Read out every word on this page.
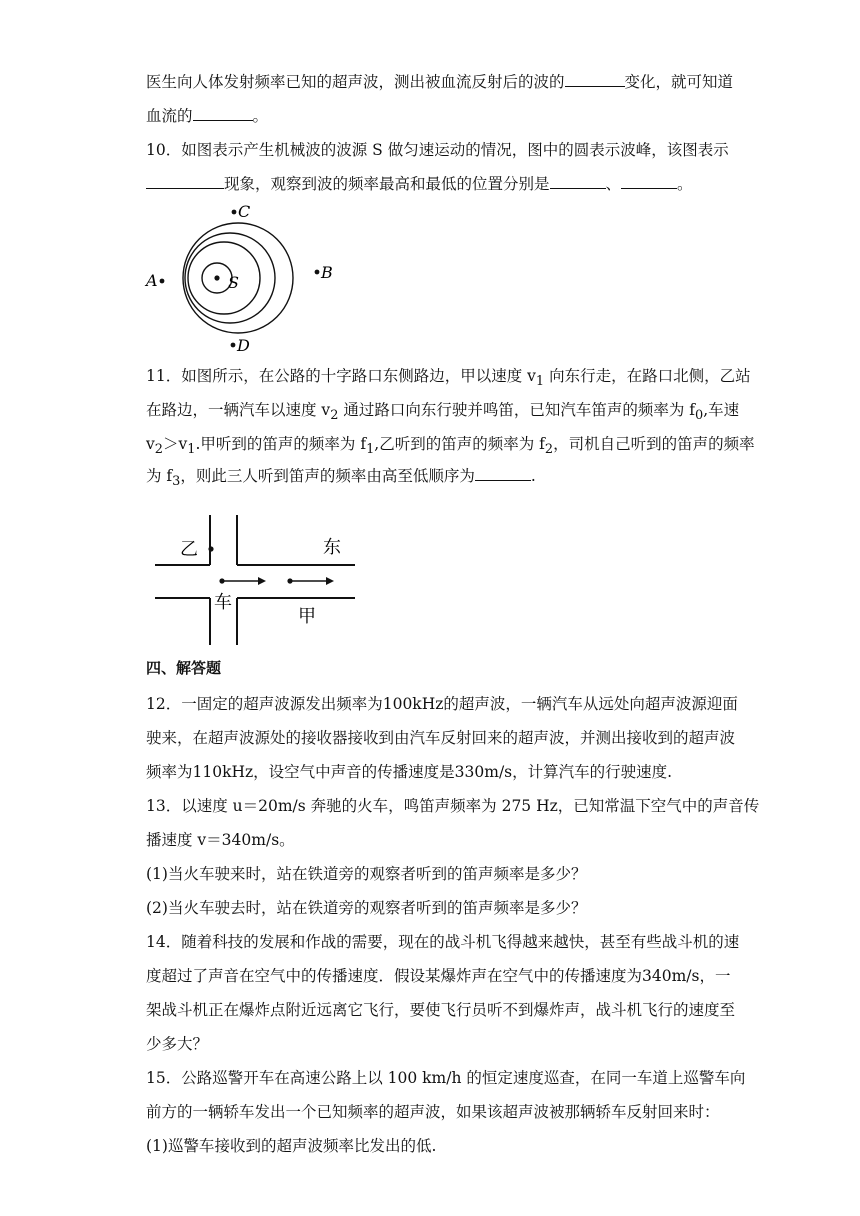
医生向人体发射频率已知的超声波，测出被血流反射后的波的	变化，就可知道
血流的	。
10．如图表示产生机械波的波源 S 做匀速运动的情况，图中的圆表示波峰，该图表示
现象，观察到波的频率最高和最低的位置分别是	、	。
S
C
A	B
D
11．如图所示，在公路的十字路口东侧路边，甲以速度 $v_1$ 向东行走，在路口北侧，乙站
在路边，一辆汽车以速度 $v_2$ 通过路口向东行驶并鸣笛，已知汽车笛声的频率为 $f_0$,车速
$v_2>v_1$.甲听到的笛声的频率为 $f_1$,乙听到的笛声的频率为 $f_2$，司机自己听到的笛声的频率
为 $f_3$，则此三人听到笛声的频率由高至低顺序为	.
乙	东
车
甲
四、解答题
12．一固定的超声波源发出频率为100kHz的超声波，一辆汽车从远处向超声波源迎面
驶来，在超声波源处的接收器接收到由汽车反射回来的超声波，并测出接收到的超声波
频率为110kHz，设空气中声音的传播速度是330m/s，计算汽车的行驶速度.
13．以速度 u＝20m/s 奔驰的火车，鸣笛声频率为 275 Hz，已知常温下空气中的声音传
播速度 v＝340m/s。
(1)当火车驶来时，站在铁道旁的观察者听到的笛声频率是多少？
(2)当火车驶去时，站在铁道旁的观察者听到的笛声频率是多少？
14．随着科技的发展和作战的需要，现在的战斗机飞得越来越快，甚至有些战斗机的速
度超过了声音在空气中的传播速度．假设某爆炸声在空气中的传播速度为340m/s，一
架战斗机正在爆炸点附近远离它飞行，要使飞行员听不到爆炸声，战斗机飞行的速度至
少多大？
15．公路巡警开车在高速公路上以 100 km/h 的恒定速度巡查，在同一车道上巡警车向
前方的一辆轿车发出一个已知频率的超声波，如果该超声波被那辆轿车反射回来时：
(1)巡警车接收到的超声波频率比发出的低.
